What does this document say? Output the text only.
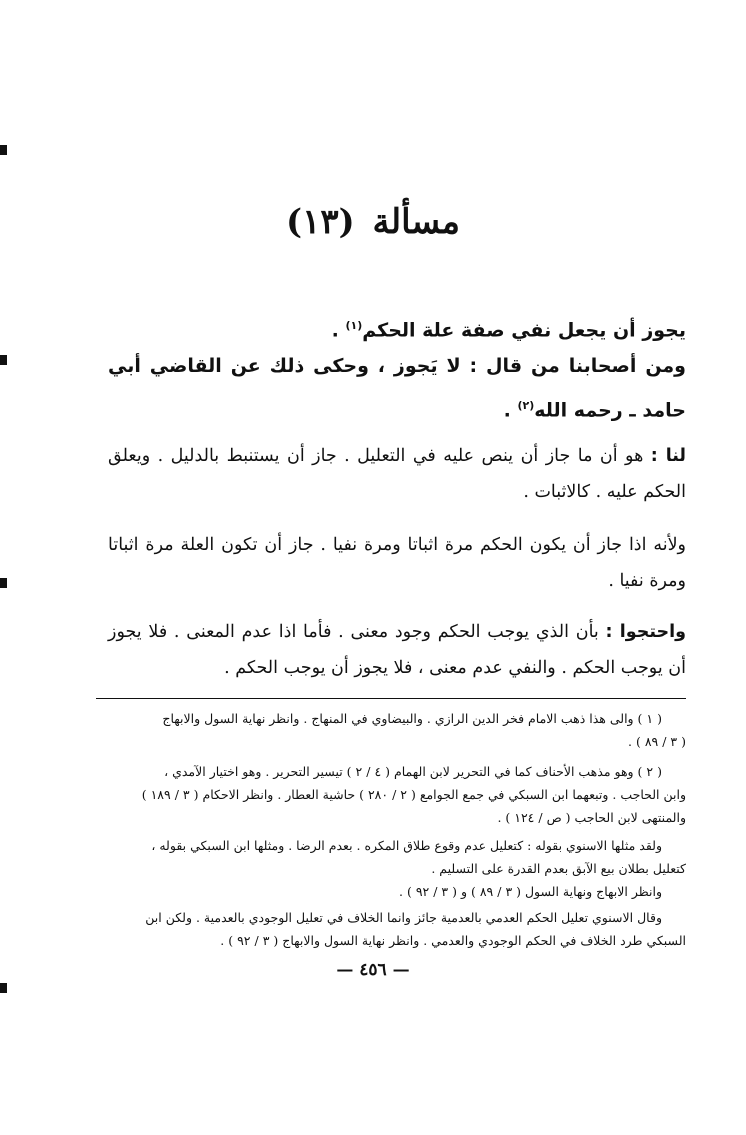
مسألة (١٣)

يجوز أن يجعل نفي صفة علة الحكم$^{(١)}$ .

ومن أصحابنا من قال : لا يَجوز ، وحكى ذلك عن القاضي أبي حامد ـ رحمه الله$^{(٢)}$ .

لنا : هو أن ما جاز أن ينص عليه في التعليل . جاز أن يستنبط بالدليل . ويعلق الحكم عليه . كالاثبات .

ولأنه اذا جاز أن يكون الحكم مرة اثباتا ومرة نفيا . جاز أن تكون العلة مرة اثباتا ومرة نفيا .

واحتجوا : بأن الذي يوجب الحكم وجود معنى . فأما اذا عدم المعنى . فلا يجوز أن يوجب الحكم . والنفي عدم معنى ، فلا يجوز أن يوجب الحكم .

( ١ ) والى هذا ذهب الامام فخر الدين الرازي . والبيضاوي في المنهاج . وانظر نهاية السول والابهاج
( ٣ / ٨٩ ) .
( ٢ ) وهو مذهب الأحناف كما في التحرير لابن الهمام ( ٤ / ٢ ) تيسير التحرير . وهو اختيار الآمدي ،
وابن الحاجب . وتبعهما ابن السبكي في جمع الجوامع ( ٢ / ٢٨٠ ) حاشية العطار . وانظر الاحكام ( ٣ / ١٨٩ )
والمنتهى لابن الحاجب ( ص / ١٢٤ ) .
ولقد مثلها الاسنوي بقوله : كتعليل عدم وقوع طلاق المكره . بعدم الرضا . ومثلها ابن السبكي بقوله ،
كتعليل بطلان بيع الآبق بعدم القدرة على التسليم .
وانظر الابهاج ونهاية السول ( ٣ / ٨٩ ) و ( ٣ / ٩٢ ) .
وقال الاسنوي تعليل الحكم العدمي بالعدمية جائز وانما الخلاف في تعليل الوجودي بالعدمية . ولكن ابن
السبكي طرد الخلاف في الحكم الوجودي والعدمي . وانظر نهاية السول والابهاج ( ٣ / ٩٢ ) .
— ٤٥٦ —
